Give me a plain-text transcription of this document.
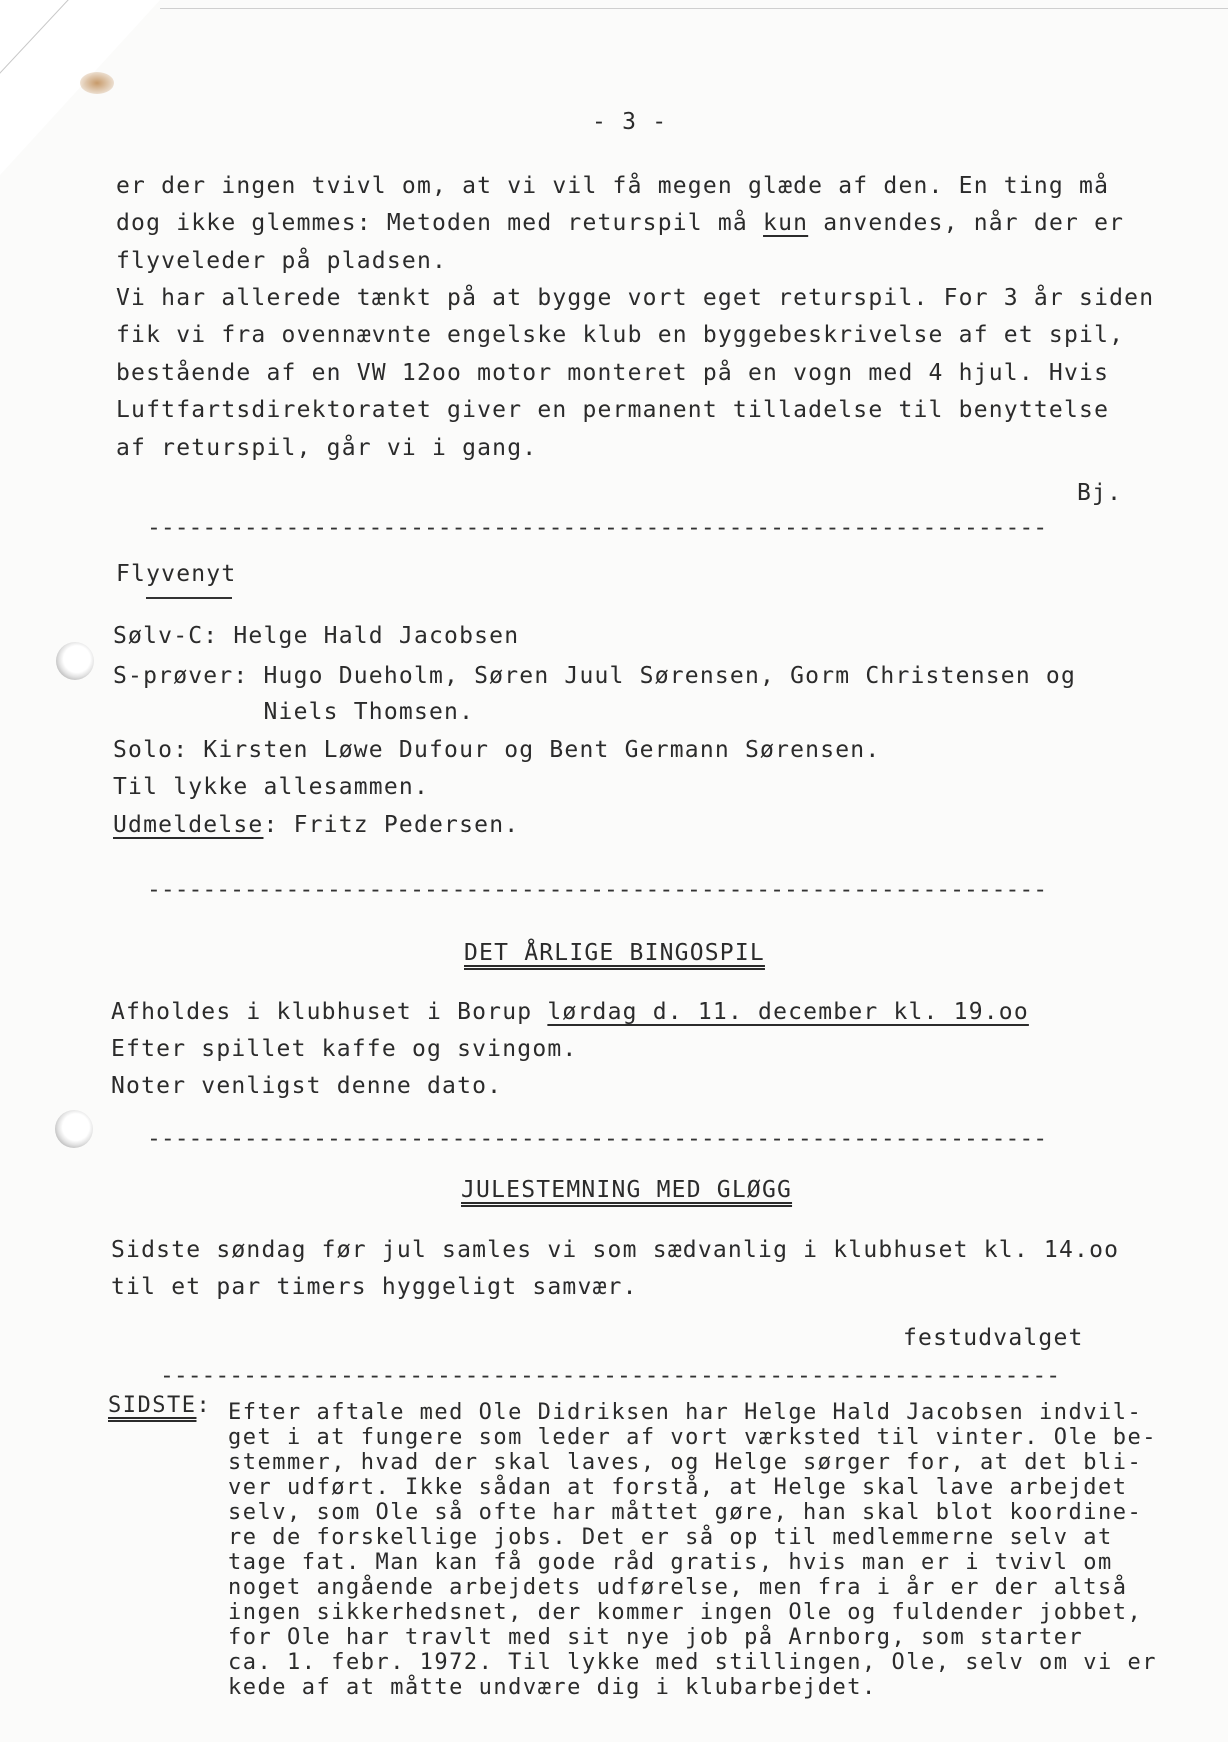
- 3 -
er der ingen tvivl om, at vi vil få megen glæde af den. En ting må
dog ikke glemmes: Metoden med returspil må kun anvendes, når der er
flyveleder på pladsen.
Vi har allerede tænkt på at bygge vort eget returspil. For 3 år siden
fik vi fra ovennævnte engelske klub en byggebeskrivelse af et spil,
bestående af en VW 12oo motor monteret på en vogn med 4 hjul. Hvis
Luftfartsdirektoratet giver en permanent tilladelse til benyttelse
af returspil, går vi i gang.
Bj.
-----------------------------------------------------------------
Flyvenyt
Sølv-C: Helge Hald Jacobsen
S-prøver: Hugo Dueholm, Søren Juul Sørensen, Gorm Christensen og
Niels Thomsen.
Solo: Kirsten Løwe Dufour og Bent Germann Sørensen.
Til lykke allesammen.
Udmeldelse: Fritz Pedersen.
-----------------------------------------------------------------
DET ÅRLIGE BINGOSPIL
Afholdes i klubhuset i Borup lørdag d. 11. december kl. 19.oo
Efter spillet kaffe og svingom.
Noter venligst denne dato.
-----------------------------------------------------------------
JULESTEMNING MED GLØGG
Sidste søndag før jul samles vi som sædvanlig i klubhuset kl. 14.oo
til et par timers hyggeligt samvær.
festudvalget
-----------------------------------------------------------------
SIDSTE: Efter aftale med Ole Didriksen har Helge Hald Jacobsen indvil-
get i at fungere som leder af vort værksted til vinter. Ole be-
stemmer, hvad der skal laves, og Helge sørger for, at det bli-
ver udført. Ikke sådan at forstå, at Helge skal lave arbejdet
selv, som Ole så ofte har måttet gøre, han skal blot koordine-
re de forskellige jobs. Det er så op til medlemmerne selv at
tage fat. Man kan få gode råd gratis, hvis man er i tvivl om
noget angående arbejdets udførelse, men fra i år er der altså
ingen sikkerhedsnet, der kommer ingen Ole og fuldender jobbet,
for Ole har travlt med sit nye job på Arnborg, som starter
ca. 1. febr. 1972. Til lykke med stillingen, Ole, selv om vi er
kede af at måtte undvære dig i klubarbejdet.
